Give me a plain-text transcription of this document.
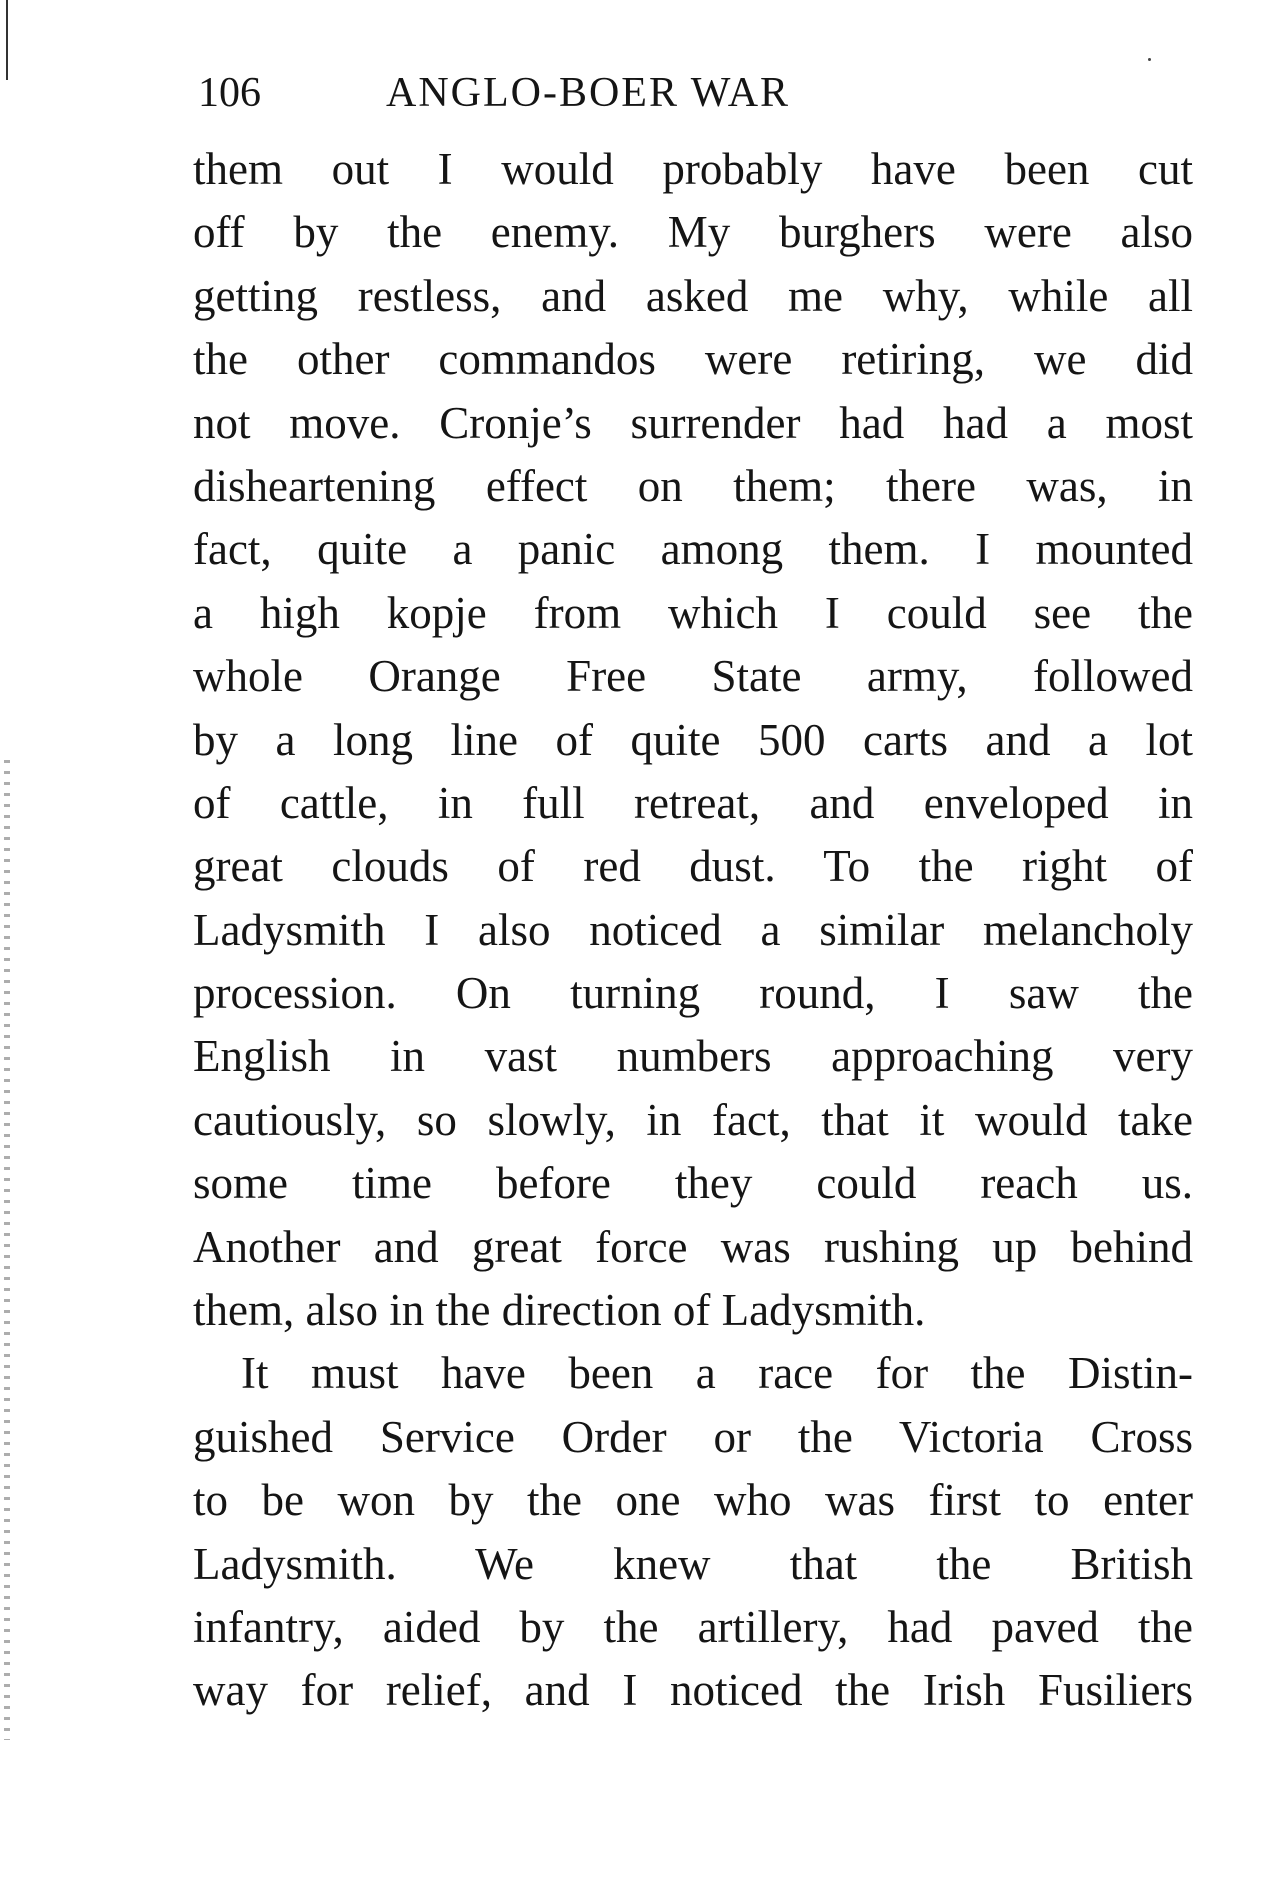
106	ANGLO-BOER WAR
them out I would probably have been cut
off by the enemy. My burghers were also
getting restless, and asked me why, while all
the other commandos were retiring, we did
not move. Cronje’s surrender had had a most
disheartening effect on them; there was, in
fact, quite a panic among them. I mounted
a high kopje from which I could see the
whole Orange Free State army, followed
by a long line of quite 500 carts and a lot
of cattle, in full retreat, and enveloped in
great clouds of red dust. To the right of
Ladysmith I also noticed a similar melancholy
procession. On turning round, I saw the
English in vast numbers approaching very
cautiously, so slowly, in fact, that it would take
some time before they could reach us.
Another and great force was rushing up behind
them, also in the direction of Ladysmith.
It must have been a race for the Distin-
guished Service Order or the Victoria Cross
to be won by the one who was first to enter
Ladysmith. We knew that the British
infantry, aided by the artillery, had paved the
way for relief, and I noticed the Irish Fusiliers
